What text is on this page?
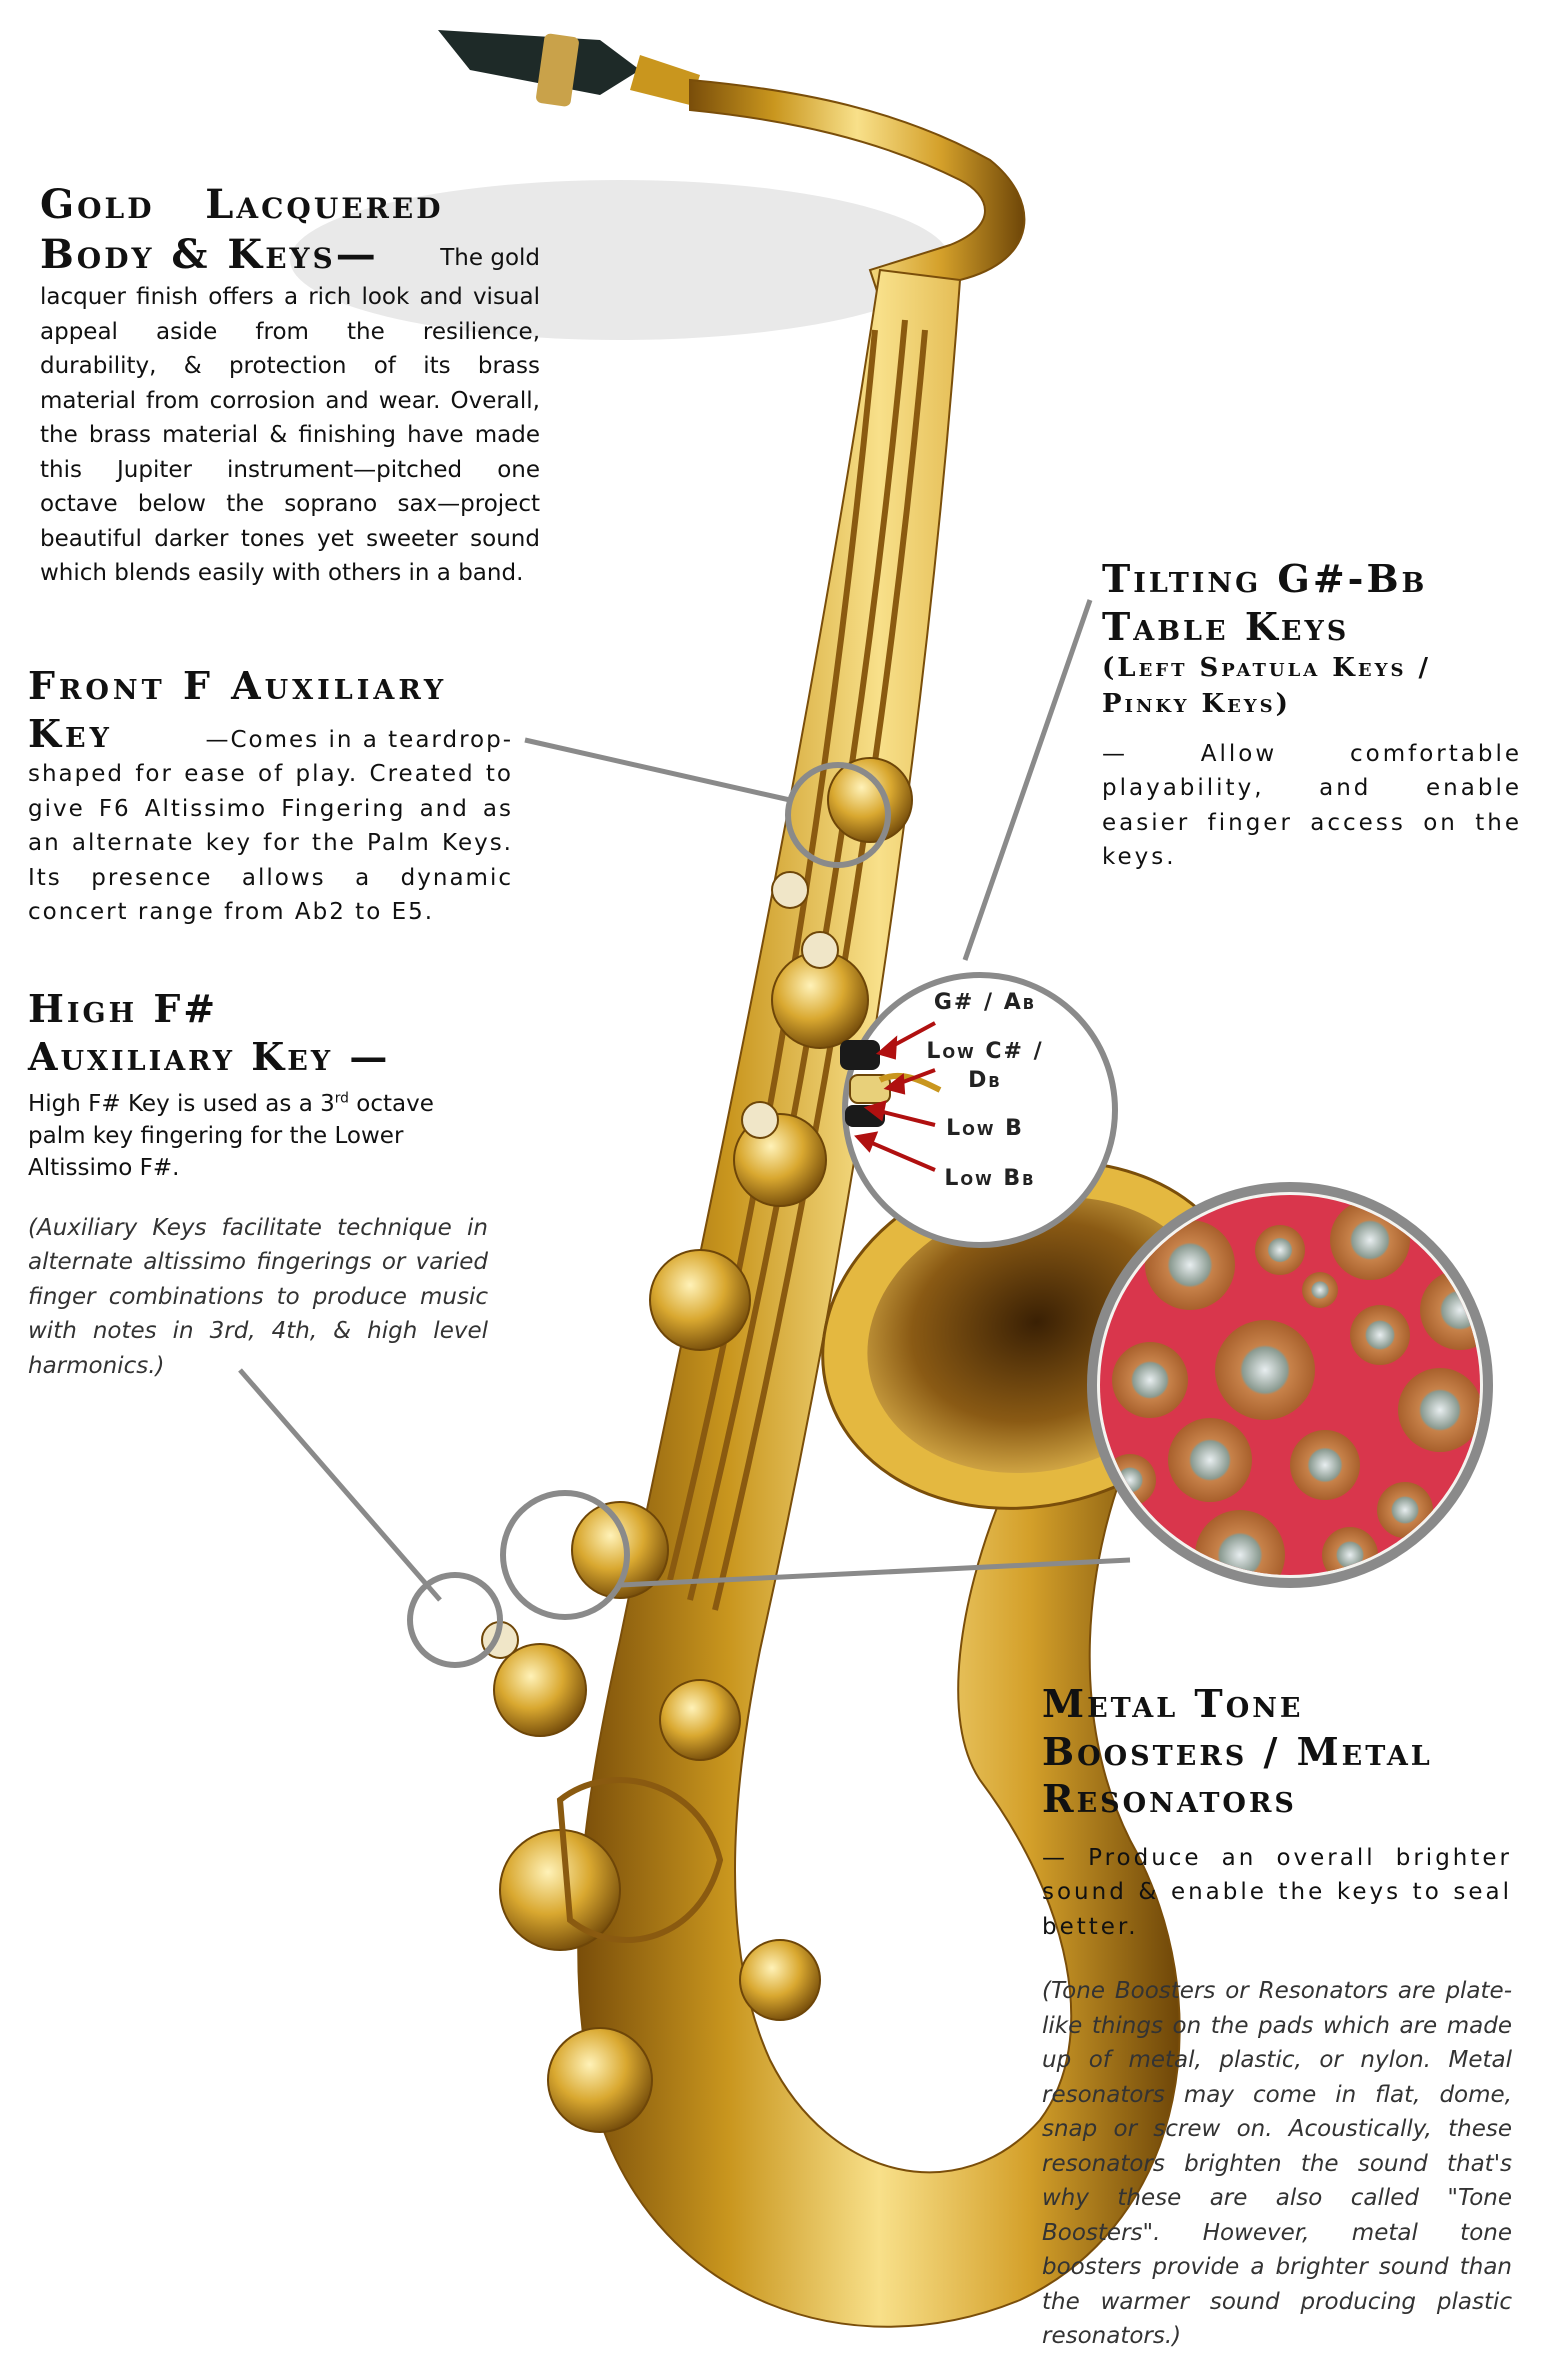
Gold   Lacquered
Body & Keys—	The gold
lacquer finish offers a rich look and visual appeal aside from the resilience, durability, & protection of its brass material from corrosion and wear. Overall, the brass material & finishing have made this Jupiter instrument—pitched one octave below the soprano sax—project beautiful darker tones yet sweeter sound which blends easily with others in a band.
Front F Auxiliary
Key	—Comes in a teardrop-
shaped for ease of play. Created to give F6 Altissimo Fingering and as an alternate key for the Palm Keys. Its presence allows a dynamic concert range from Ab2 to E5.
High F#
Auxiliary Key —
High F# Key is used as a 3rd octave palm key fingering for the Lower Altissimo F#.
(Auxiliary Keys facilitate technique in alternate altissimo fingerings or varied finger combinations to produce music with notes in 3rd, 4th, & high level harmonics.)
Tilting G#-Bb
Table Keys
(Left Spatula Keys / Pinky Keys)
— Allow comfortable playability, and enable easier finger access on the keys.
G# / Ab
Low C# / Db
Low B
Low Bb
Metal Tone
Boosters / Metal
Resonators
— Produce an overall brighter sound & enable the keys to seal better.
(Tone Boosters or Resonators are plate-like things on the pads which are made up of metal, plastic, or nylon. Metal resonators may come in flat, dome, snap or screw on. Acoustically, these resonators brighten the sound that's why these are also called "Tone Boosters". However, metal tone boosters provide a brighter sound than the warmer sound producing plastic resonators.)
